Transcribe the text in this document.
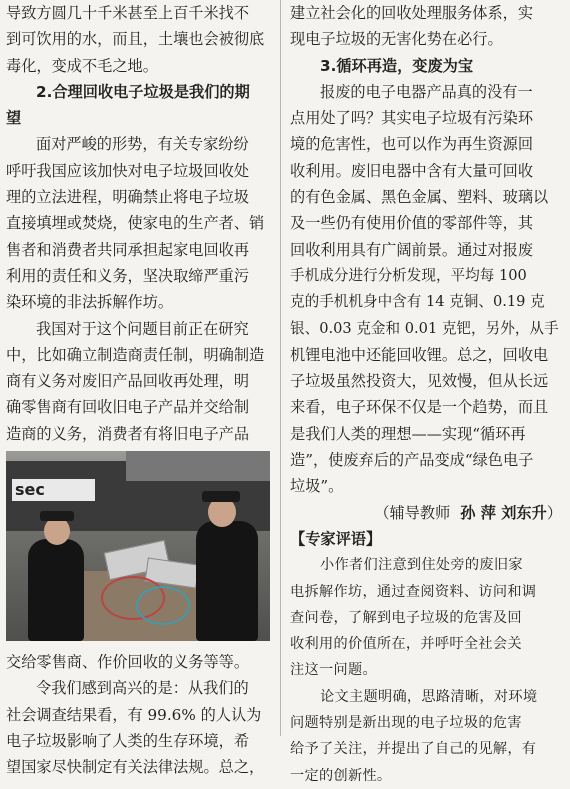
导致方圆几十千米甚至上百千米找不
到可饮用的水，而且，土壤也会被彻底
毒化，变成不毛之地。
2.合理回收电子垃圾是我们的期
望
面对严峻的形势，有关专家纷纷
呼吁我国应该加快对电子垃圾回收处
理的立法进程，明确禁止将电子垃圾
直接填埋或焚烧，使家电的生产者、销
售者和消费者共同承担起家电回收再
利用的责任和义务，坚决取缔严重污
染环境的非法拆解作坊。
我国对于这个问题目前正在研究
中，比如确立制造商责任制，明确制造
商有义务对废旧产品回收再处理，明
确零售商有回收旧电子产品并交给制
造商的义务，消费者有将旧电子产品
sec
交给零售商、作价回收的义务等等。
令我们感到高兴的是：从我们的
社会调查结果看，有 99.6% 的人认为
电子垃圾影响了人类的生存环境，希
望国家尽快制定有关法律法规。总之，
建立社会化的回收处理服务体系，实
现电子垃圾的无害化势在必行。
3.循环再造，变废为宝
报废的电子电器产品真的没有一
点用处了吗？其实电子垃圾有污染环
境的危害性，也可以作为再生资源回
收利用。废旧电器中含有大量可回收
的有色金属、黑色金属、塑料、玻璃以
及一些仍有使用价值的零部件等，其
回收利用具有广阔前景。通过对报废
手机成分进行分析发现，平均每 100
克的手机机身中含有 14 克铜、0.19 克
银、0.03 克金和 0.01 克钯，另外，从手
机锂电池中还能回收锂。总之，回收电
子垃圾虽然投资大，见效慢，但从长远
来看，电子环保不仅是一个趋势，而且
是我们人类的理想——实现“循环再
造”，使废弃后的产品变成“绿色电子
垃圾”。
（辅导教师 孙 萍 刘东升）
【专家评语】
小作者们注意到住处旁的废旧家
电拆解作坊，通过查阅资料、访问和调
查问卷，了解到电子垃圾的危害及回
收利用的价值所在，并呼吁全社会关
注这一问题。
论文主题明确，思路清晰，对环境
问题特别是新出现的电子垃圾的危害
给予了关注，并提出了自己的见解，有
一定的创新性。
